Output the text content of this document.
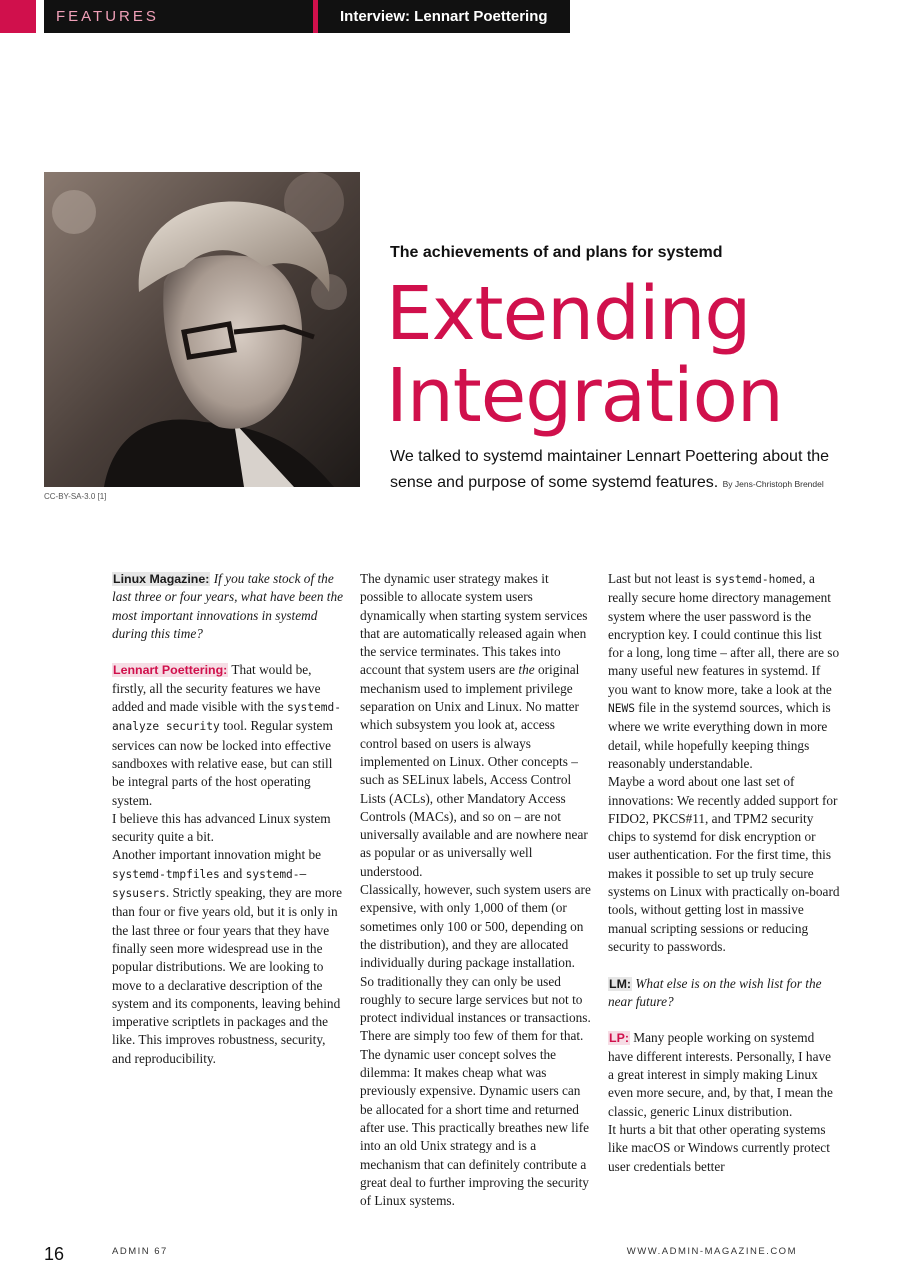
FEATURES	Interview: Lennart Poettering
CC-BY-SA-3.0 [1]
The achievements of and plans for systemd
Extending
Integration
We talked to systemd maintainer Lennart Poettering about the sense and purpose of some systemd features. By Jens-Christoph Brendel

Linux Magazine: If you take stock of the last three or four years, what have been the most important innovations in systemd during this time?

Lennart Poettering: That would be, firstly, all the security features we have added and made visible with the systemd-analyze security tool. Regular system services can now be locked into effective sandboxes with relative ease, but can still be integral parts of the host operating system.

I believe this has advanced Linux system security quite a bit.

Another important innovation might be systemd-tmpfiles and systemd-–sysusers. Strictly speaking, they are more than four or five years old, but it is only in the last three or four years that they have finally seen more widespread use in the popular distributions. We are looking to move to a declarative description of the system and its components, leaving behind imperative scriptlets in packages and the like. This improves robustness, security, and reproducibility.

The dynamic user strategy makes it possible to allocate system users dynamically when starting system services that are automatically released again when the service terminates. This takes into account that system users are the original mechanism used to implement privilege separation on Unix and Linux. No matter which subsystem you look at, access control based on users is always implemented on Linux. Other concepts – such as SELinux labels, Access Control Lists (ACLs), other Mandatory Access Controls (MACs), and so on – are not universally available and are nowhere near as popular or as universally well understood.

Classically, however, such system users are expensive, with only 1,000 of them (or sometimes only 100 or 500, depending on the distribution), and they are allocated individually during package installation. So traditionally they can only be used roughly to secure large services but not to protect individual instances or transactions. There are simply too few of them for that. The dynamic user concept solves the dilemma: It makes cheap what was previously expensive. Dynamic users can be allocated for a short time and returned after use. This practically breathes new life into an old Unix strategy and is a mechanism that can definitely contribute a great deal to further improving the security of Linux systems.

Last but not least is systemd-homed, a really secure home directory management system where the user password is the encryption key. I could continue this list for a long, long time – after all, there are so many useful new features in systemd. If you want to know more, take a look at the NEWS file in the systemd sources, which is where we write everything down in more detail, while hopefully keeping things reasonably understandable.

Maybe a word about one last set of innovations: We recently added support for FIDO2, PKCS#11, and TPM2 security chips to systemd for disk encryption or user authentication. For the first time, this makes it possible to set up truly secure systems on Linux with practically on-board tools, without getting lost in massive manual scripting sessions or reducing security to passwords.

LM: What else is on the wish list for the near future?

LP: Many people working on systemd have different interests. Personally, I have a great interest in simply making Linux even more secure, and, by that, I mean the classic, generic Linux distribution.

It hurts a bit that other operating systems like macOS or Windows currently protect user credentials better

16	ADMIN 67	WWW.ADMIN-MAGAZINE.COM
